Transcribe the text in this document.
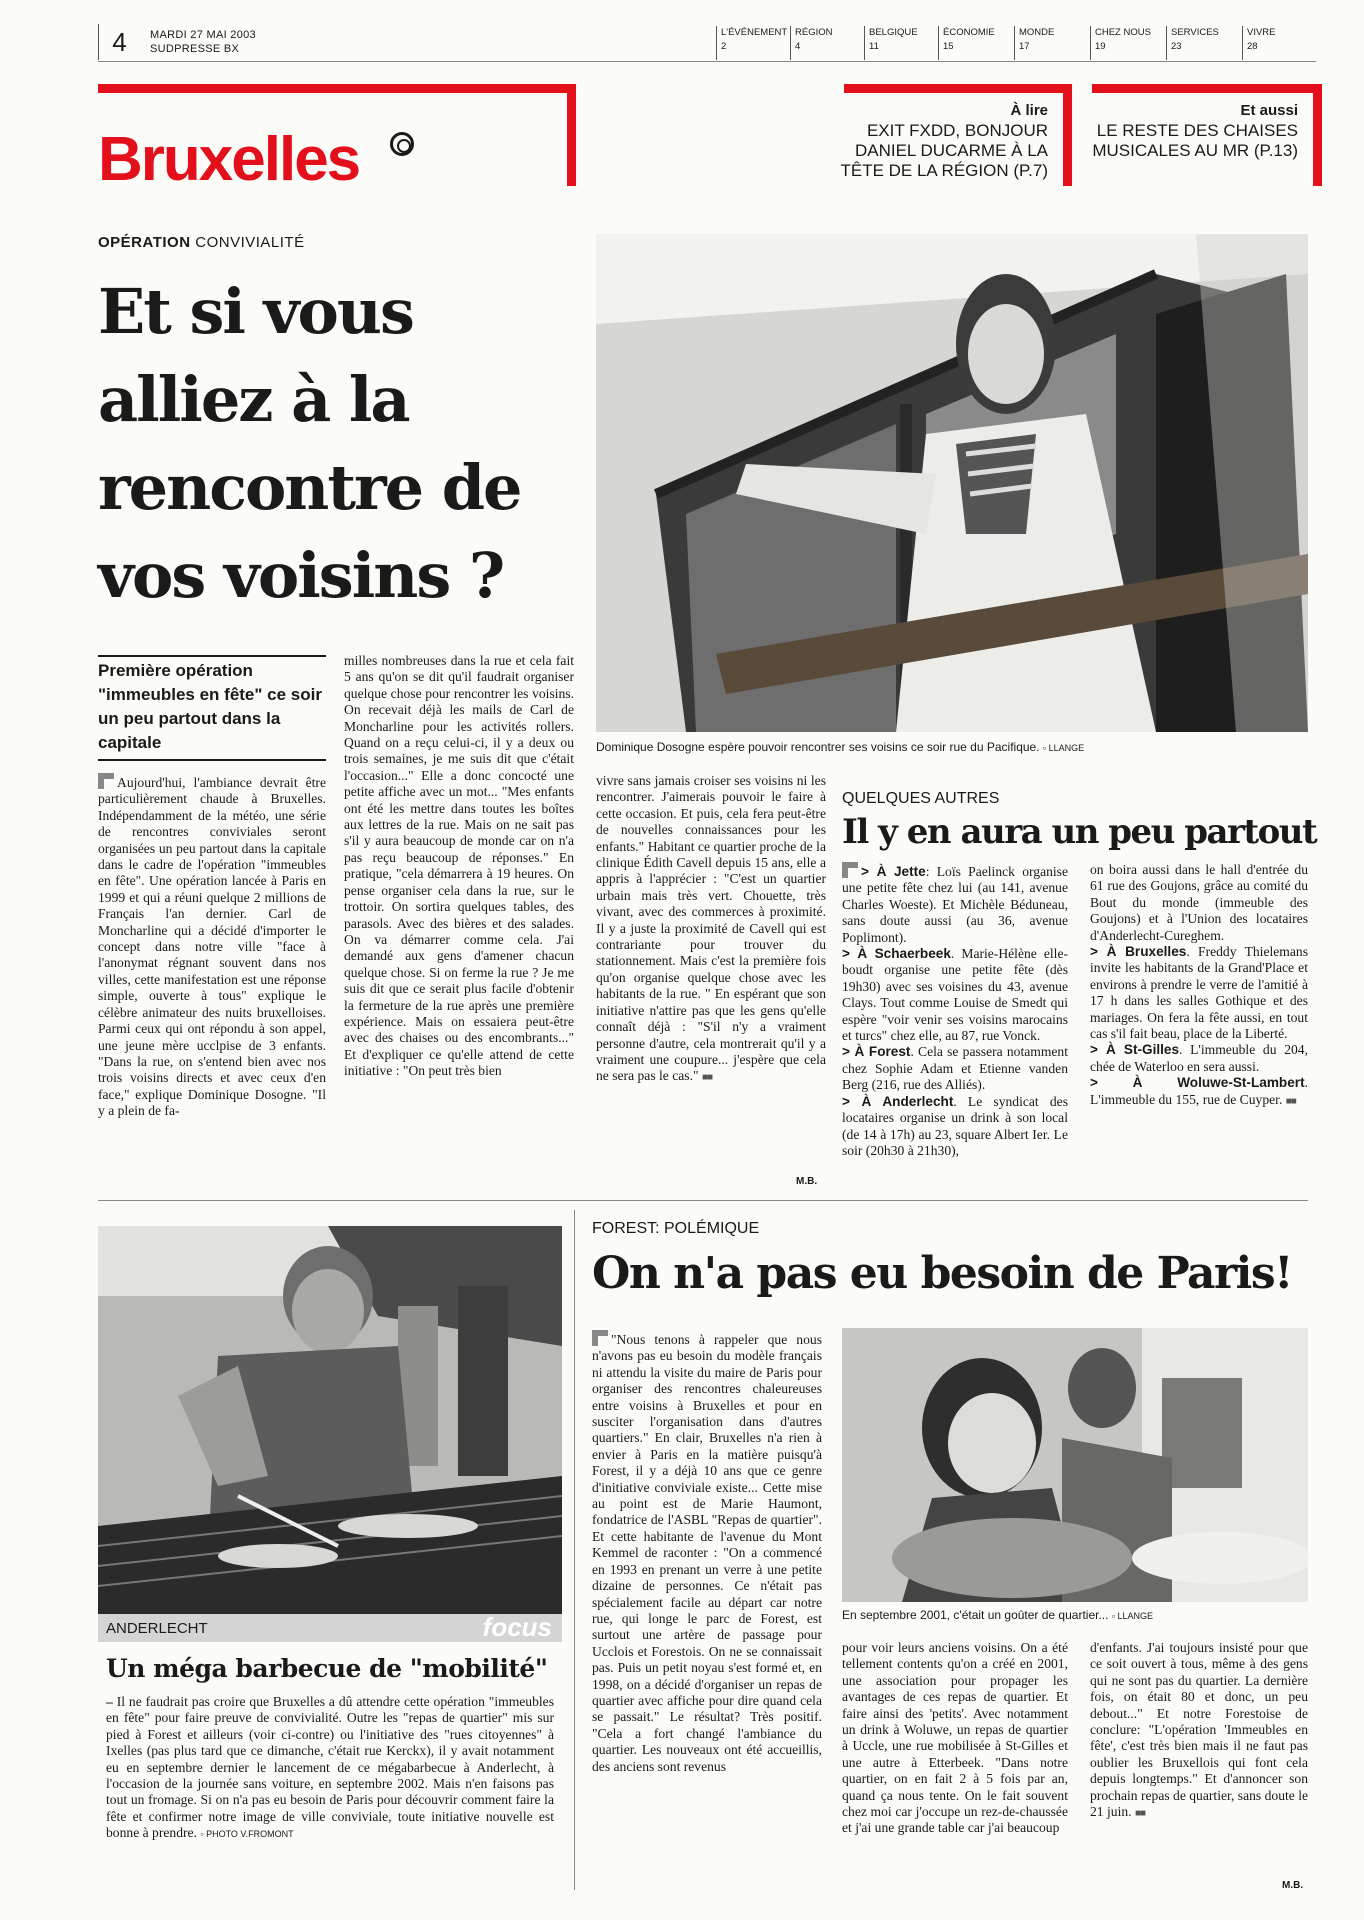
4	MARDI 27 MAI 2003
SUDPRESSE BX
L'ÉVÉNEMENT
2
RÉGION
4
BELGIQUE
11
ÉCONOMIE
15
MONDE
17
CHEZ NOUS
19
SERVICES
23
VIVRE
28
Bruxelles
À lire
EXIT FXDD, BONJOUR DANIEL DUCARME À LA TÊTE DE LA RÉGION (P.7)
Et aussi
LE RESTE DES CHAISES MUSICALES AU MR (P.13)
OPÉRATION CONVIVIALITÉ
Et si vous alliez à la rencontre de vos voisins ?
Dominique Dosogne espère pouvoir rencontrer ses voisins ce soir rue du Pacifique. ▫ LLANGE
Première opération "immeubles en fête" ce soir un peu partout dans la capitale

Aujourd'hui, l'ambiance devrait être particulièrement chaude à Bruxelles. Indépendamment de la météo, une série de rencontres conviviales seront organisées un peu partout dans la capitale dans le cadre de l'opération "immeubles en fête". Une opération lancée à Paris en 1999 et qui a réuni quelque 2 millions de Français l'an dernier. Carl de Moncharline qui a décidé d'importer le concept dans notre ville "face à l'anonymat régnant souvent dans nos villes, cette manifestation est une réponse simple, ouverte à tous" explique le célèbre animateur des nuits bruxelloises. Parmi ceux qui ont répondu à son appel, une jeune mère ucclpise de 3 enfants. "Dans la rue, on s'entend bien avec nos trois voisins directs et avec ceux d'en face," explique Dominique Dosogne. "Il y a plein de fa-

milles nombreuses dans la rue et cela fait 5 ans qu'on se dit qu'il faudrait organiser quelque chose pour rencontrer les voisins. On recevait déjà les mails de Carl de Moncharline pour les activités rollers. Quand on a reçu celui-ci, il y a deux ou trois semaines, je me suis dit que c'était l'occasion..." Elle a donc concocté une petite affiche avec un mot... "Mes enfants ont été les mettre dans toutes les boîtes aux lettres de la rue. Mais on ne sait pas s'il y aura beaucoup de monde car on n'a pas reçu beaucoup de réponses." En pratique, "cela démarrera à 19 heures. On pense organiser cela dans la rue, sur le trottoir. On sortira quelques tables, des parasols. Avec des bières et des salades. On va démarrer comme cela. J'ai demandé aux gens d'amener chacun quelque chose. Si on ferme la rue ? Je me suis dit que ce serait plus facile d'obtenir la fermeture de la rue après une première expérience. Mais on essaiera peut-être avec des chaises ou des encombrants..." Et d'expliquer ce qu'elle attend de cette initiative : "On peut très bien

vivre sans jamais croiser ses voisins ni les rencontrer. J'aimerais pouvoir le faire à cette occasion. Et puis, cela fera peut-être de nouvelles connaissances pour les enfants." Habitant ce quartier proche de la clinique Édith Cavell depuis 15 ans, elle a appris à l'apprécier : "C'est un quartier urbain mais très vert. Chouette, très vivant, avec des commerces à proximité. Il y a juste la proximité de Cavell qui est contrariante pour trouver du stationnement. Mais c'est la première fois qu'on organise quelque chose avec les habitants de la rue. " En espérant que son initiative n'attire pas que les gens qu'elle connaît déjà : "S'il n'y a vraiment personne d'autre, cela montrerait qu'il y a vraiment une coupure... j'espère que cela ne sera pas le cas." ■■

M.B.
QUELQUES AUTRES
Il y en aura un peu partout

> À Jette: Loïs Paelinck organise une petite fête chez lui (au 141, avenue Charles Woeste). Et Michèle Béduneau, sans doute aussi (au 36, avenue Poplimont).

> À Schaerbeek. Marie-Hélène elle-boudt organise une petite fête (dès 19h30) avec ses voisines du 43, avenue Clays. Tout comme Louise de Smedt qui espère "voir venir ses voisins marocains et turcs" chez elle, au 87, rue Vonck.

> À Forest. Cela se passera notamment chez Sophie Adam et Etienne vanden Berg (216, rue des Alliés).

> À Anderlecht. Le syndicat des locataires organise un drink à son local (de 14 à 17h) au 23, square Albert Ier. Le soir (20h30 à 21h30),

on boira aussi dans le hall d'entrée du 61 rue des Goujons, grâce au comité du Bout du monde (immeuble des Goujons) et à l'Union des locataires d'Anderlecht-Cureghem.

> À Bruxelles. Freddy Thielemans invite les habitants de la Grand'Place et environs à prendre le verre de l'amitié à 17 h dans les salles Gothique et des mariages. On fera la fête aussi, en tout cas s'il fait beau, place de la Liberté.

> À St-Gilles. L'immeuble du 204, chée de Waterloo en sera aussi.

> À Woluwe-St-Lambert. L'immeuble du 155, rue de Cuyper. ■■

ANDERLECHT	focus
Un méga barbecue de "mobilité"
– Il ne faudrait pas croire que Bruxelles a dû attendre cette opération "immeubles en fête" pour faire preuve de convivialité. Outre les "repas de quartier" mis sur pied à Forest et ailleurs (voir ci-contre) ou l'initiative des "rues citoyennes" à Ixelles (pas plus tard que ce dimanche, c'était rue Kerckx), il y avait notamment eu en septembre dernier le lancement de ce mégabarbecue à Anderlecht, à l'occasion de la journée sans voiture, en septembre 2002. Mais n'en faisons pas tout un fromage. Si on n'a pas eu besoin de Paris pour découvrir comment faire la fête et confirmer notre image de ville conviviale, toute initiative nouvelle est bonne à prendre. ▫ PHOTO V.FROMONT
FOREST: POLÉMIQUE
On n'a pas eu besoin de Paris!

"Nous tenons à rappeler que nous n'avons pas eu besoin du modèle français ni attendu la visite du maire de Paris pour organiser des rencontres chaleureuses entre voisins à Bruxelles et pour en susciter l'organisation dans d'autres quartiers." En clair, Bruxelles n'a rien à envier à Paris en la matière puisqu'à Forest, il y a déjà 10 ans que ce genre d'initiative conviviale existe... Cette mise au point est de Marie Haumont, fondatrice de l'ASBL "Repas de quartier". Et cette habitante de l'avenue du Mont Kemmel de raconter : "On a commencé en 1993 en prenant un verre à une petite dizaine de personnes. Ce n'était pas spécialement facile au départ car notre rue, qui longe le parc de Forest, est surtout une artère de passage pour Ucclois et Forestois. On ne se connaissait pas. Puis un petit noyau s'est formé et, en 1998, on a décidé d'organiser un repas de quartier avec affiche pour dire quand cela se passait." Le résultat? Très positif. "Cela a fort changé l'ambiance du quartier. Les nouveaux ont été accueillis, des anciens sont revenus

En septembre 2001, c'était un goûter de quartier... ▫ LLANGE

pour voir leurs anciens voisins. On a été tellement contents qu'on a créé en 2001, une association pour propager les avantages de ces repas de quartier. Et faire ainsi des 'petits'. Avec notamment un drink à Woluwe, un repas de quartier à Uccle, une rue mobilisée à St-Gilles et une autre à Etterbeek. "Dans notre quartier, on en fait 2 à 5 fois par an, quand ça nous tente. On le fait souvent chez moi car j'occupe un rez-de-chaussée et j'ai une grande table car j'ai beaucoup

d'enfants. J'ai toujours insisté pour que ce soit ouvert à tous, même à des gens qui ne sont pas du quartier. La dernière fois, on était 80 et donc, un peu debout..." Et notre Forestoise de conclure: "L'opération 'Immeubles en fête', c'est très bien mais il ne faut pas oublier les Bruxellois qui font cela depuis longtemps." Et d'annoncer son prochain repas de quartier, sans doute le 21 juin. ■■

M.B.
